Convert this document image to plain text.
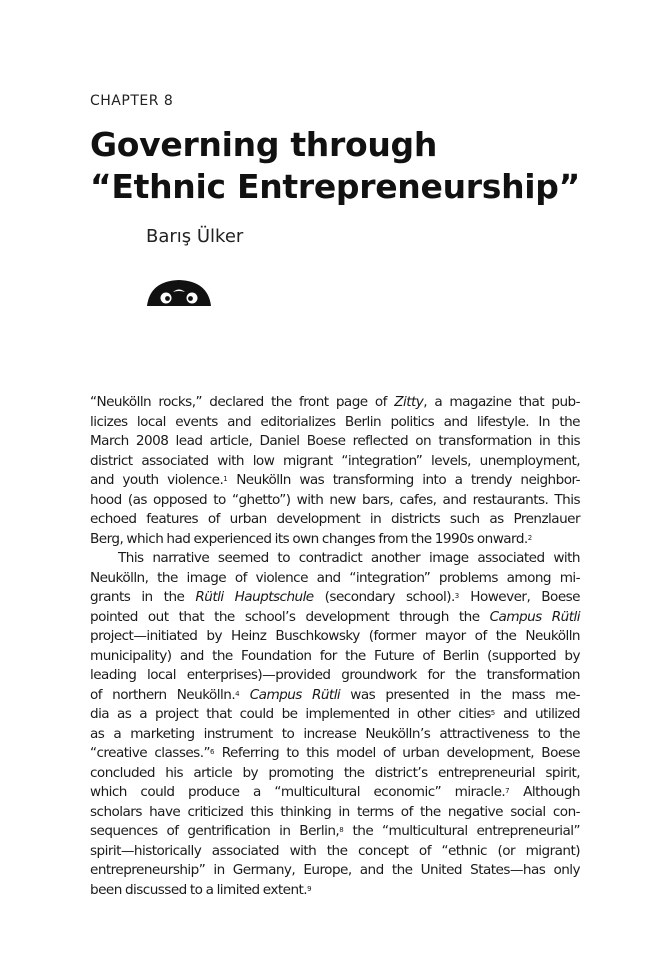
CHAPTER 8
Governing through
“Ethnic Entrepreneurship”
Barış Ülker
“Neukölln rocks,” declared the front page of Zitty, a magazine that pub-
licizes local events and editorializes Berlin politics and lifestyle. In the
March 2008 lead article, Daniel Boese reflected on transformation in this
district associated with low migrant “integration” levels, unemployment,
and youth violence.$^1$ Neukölln was transforming into a trendy neighbor-
hood (as opposed to “ghetto”) with new bars, cafes, and restaurants. This
echoed features of urban development in districts such as Prenzlauer
Berg, which had experienced its own changes from the 1990s onward.$^2$
This narrative seemed to contradict another image associated with
Neukölln, the image of violence and “integration” problems among mi-
grants in the Rütli Hauptschule (secondary school).$^3$ However, Boese
pointed out that the school’s development through the Campus Rütli
project—initiated by Heinz Buschkowsky (former mayor of the Neukölln
municipality) and the Foundation for the Future of Berlin (supported by
leading local enterprises)—provided groundwork for the transformation
of northern Neukölln.$^4$ Campus Rütli was presented in the mass me-
dia as a project that could be implemented in other cities$^5$ and utilized
as a marketing instrument to increase Neukölln’s attractiveness to the
“creative classes.”$^6$ Referring to this model of urban development, Boese
concluded his article by promoting the district’s entrepreneurial spirit,
which could produce a “multicultural economic” miracle.$^7$ Although
scholars have criticized this thinking in terms of the negative social con-
sequences of gentrification in Berlin,$^8$ the “multicultural entrepreneurial”
spirit—historically associated with the concept of “ethnic (or migrant)
entrepreneurship” in Germany, Europe, and the United States—has only
been discussed to a limited extent.$^9$
